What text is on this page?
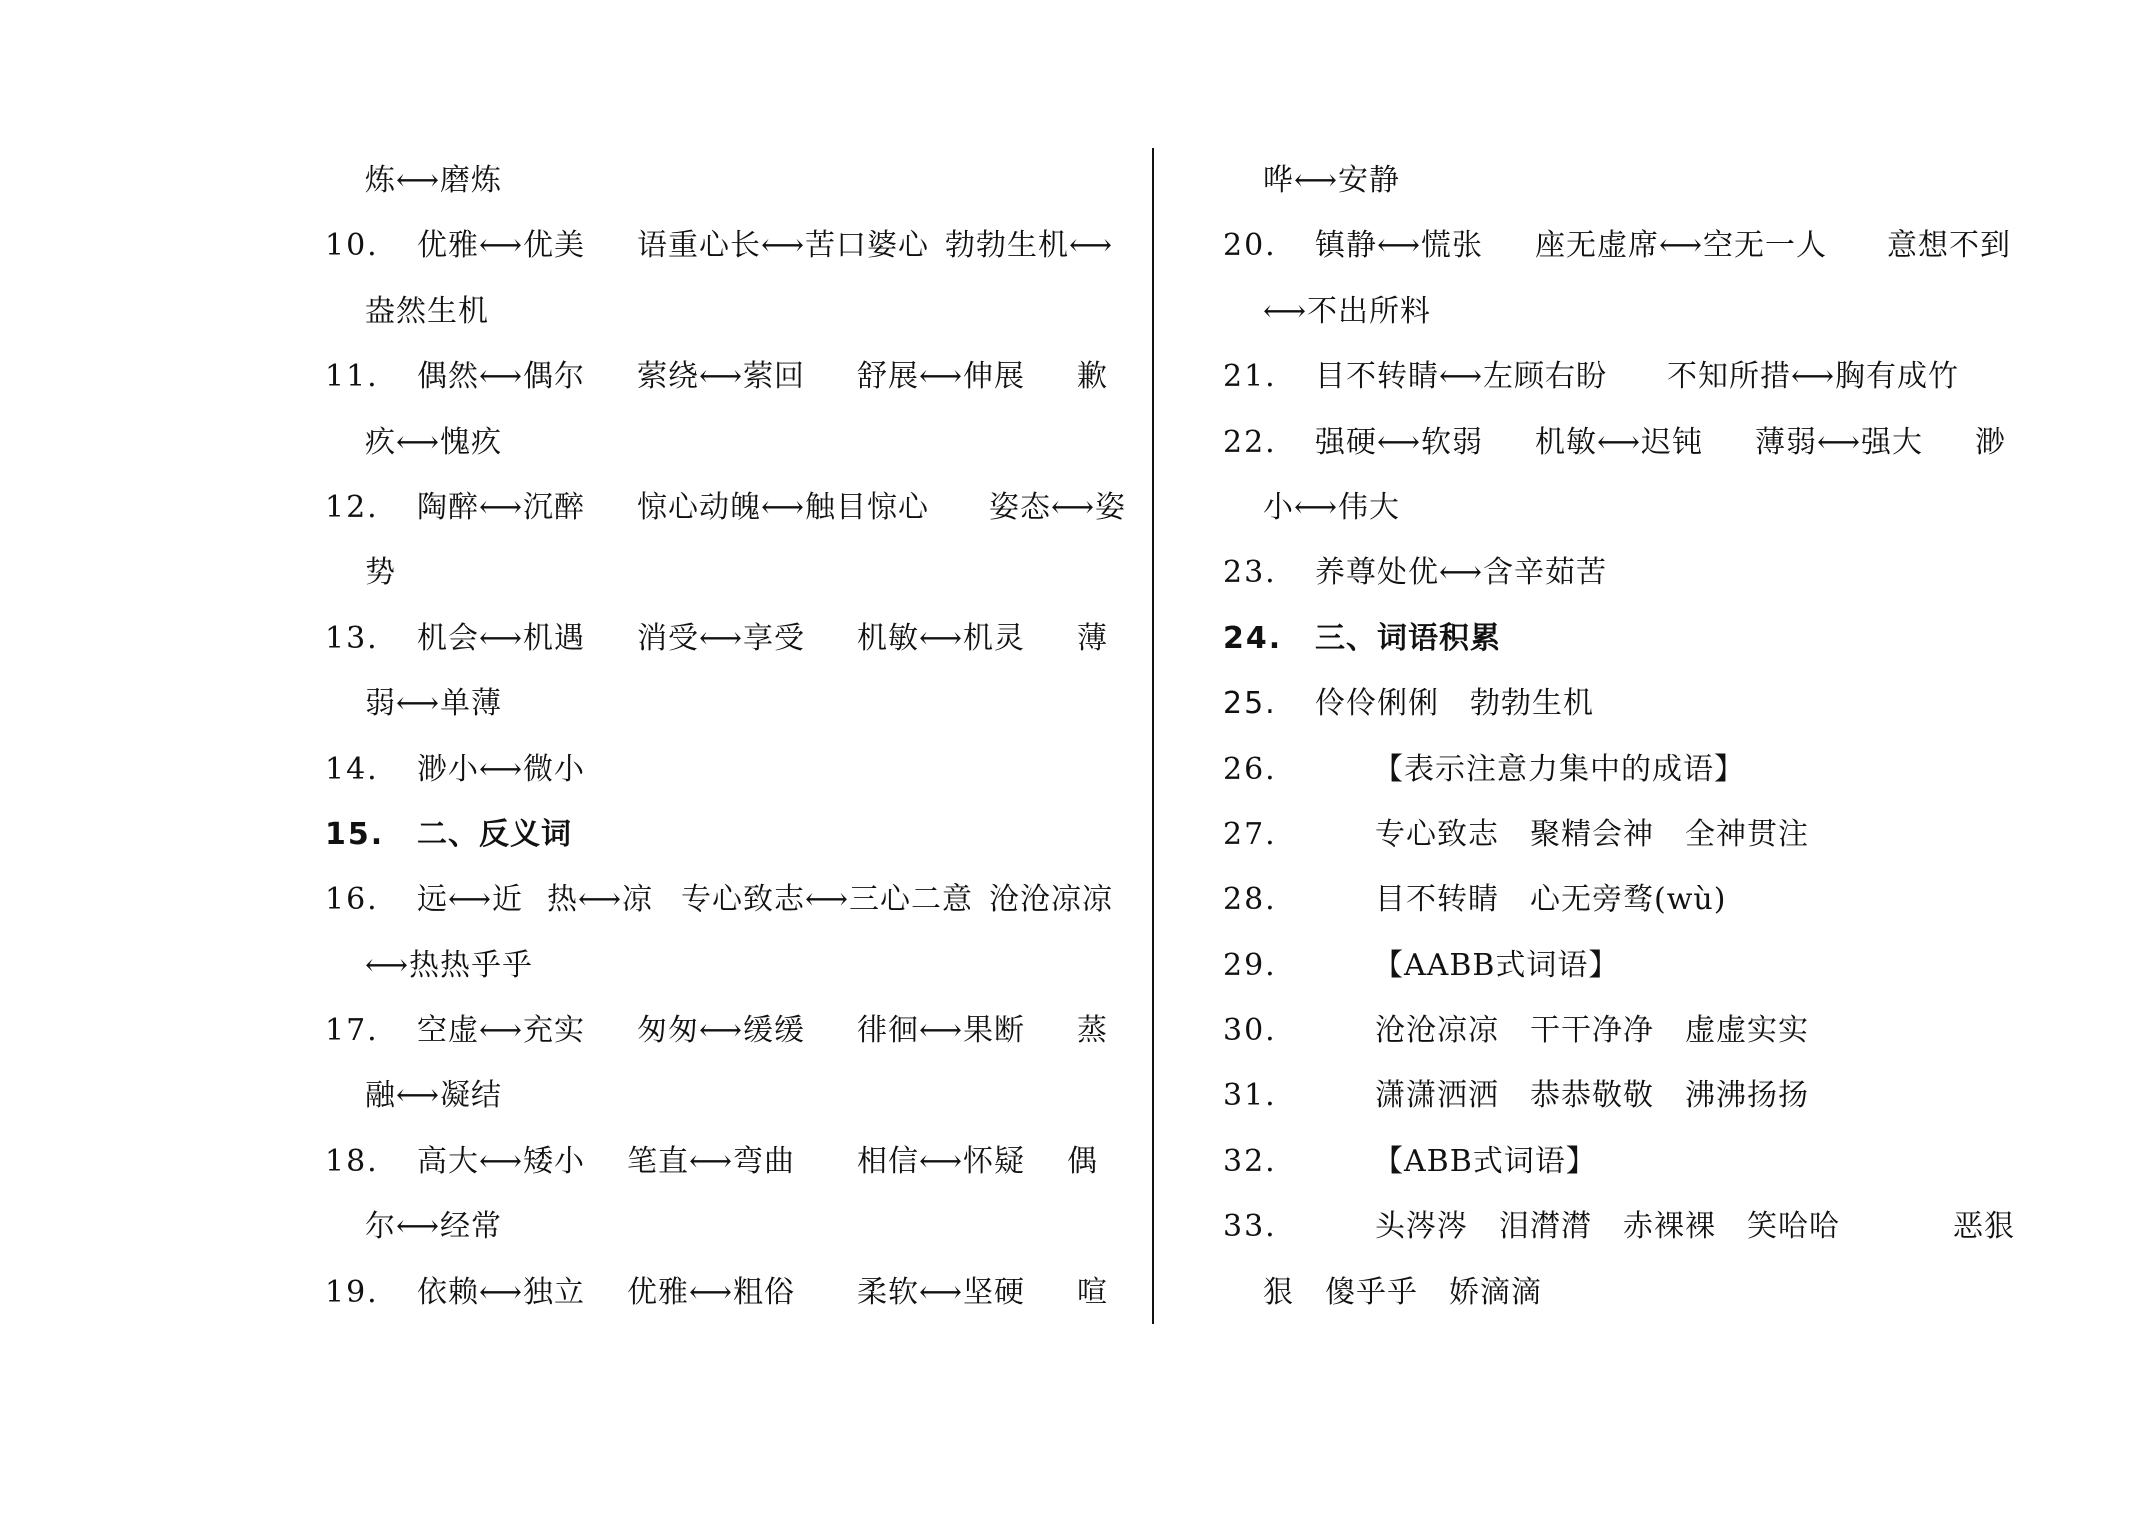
炼⟷磨炼
10. 优雅⟷优美 语重心长⟷苦口婆心 勃勃生机⟷
盎然生机
11. 偶然⟷偶尔 萦绕⟷萦回 舒展⟷伸展 歉
疚⟷愧疚
12. 陶醉⟷沉醉 惊心动魄⟷触目惊心 姿态⟷姿
势
13. 机会⟷机遇 消受⟷享受 机敏⟷机灵 薄
弱⟷单薄
14. 渺小⟷微小
15. 二、反义词
16. 远⟷近 热⟷凉 专心致志⟷三心二意 沧沧凉凉
⟷热热乎乎
17. 空虚⟷充实 匆匆⟷缓缓 徘徊⟷果断 蒸
融⟷凝结
18. 高大⟷矮小 笔直⟷弯曲 相信⟷怀疑 偶
尔⟷经常
19. 依赖⟷独立 优雅⟷粗俗 柔软⟷坚硬 喧
哗⟷安静
20. 镇静⟷慌张 座无虚席⟷空无一人 意想不到
⟷不出所料
21. 目不转睛⟷左顾右盼 不知所措⟷胸有成竹
22. 强硬⟷软弱 机敏⟷迟钝 薄弱⟷强大 渺
小⟷伟大
23. 养尊处优⟷含辛茹苦
24. 三、词语积累
25. 伶伶俐俐　勃勃生机
26.	【表示注意力集中的成语】
27.	专心致志　聚精会神　全神贯注
28.	目不转睛　心无旁骛(wù)
29.	【AABB式词语】
30.	沧沧凉凉　干干净净　虚虚实实
31.	潇潇洒洒　恭恭敬敬　沸沸扬扬
32.	【ABB式词语】
33.	头涔涔　泪潸潸　赤裸裸　笑哈哈	恶狠
狠　傻乎乎　娇滴滴
